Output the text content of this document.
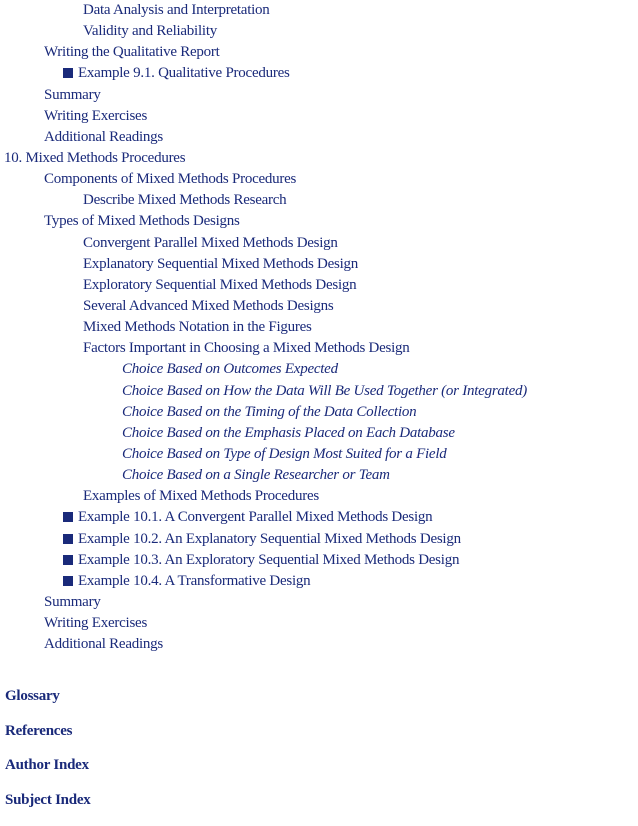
Data Analysis and Interpretation
Validity and Reliability
Writing the Qualitative Report
Example 9.1. Qualitative Procedures
Summary
Writing Exercises
Additional Readings
10. Mixed Methods Procedures
Components of Mixed Methods Procedures
Describe Mixed Methods Research
Types of Mixed Methods Designs
Convergent Parallel Mixed Methods Design
Explanatory Sequential Mixed Methods Design
Exploratory Sequential Mixed Methods Design
Several Advanced Mixed Methods Designs
Mixed Methods Notation in the Figures
Factors Important in Choosing a Mixed Methods Design
Choice Based on Outcomes Expected
Choice Based on How the Data Will Be Used Together (or Integrated)
Choice Based on the Timing of the Data Collection
Choice Based on the Emphasis Placed on Each Database
Choice Based on Type of Design Most Suited for a Field
Choice Based on a Single Researcher or Team
Examples of Mixed Methods Procedures
Example 10.1. A Convergent Parallel Mixed Methods Design
Example 10.2. An Explanatory Sequential Mixed Methods Design
Example 10.3. An Exploratory Sequential Mixed Methods Design
Example 10.4. A Transformative Design
Summary
Writing Exercises
Additional Readings
Glossary
References
Author Index
Subject Index
